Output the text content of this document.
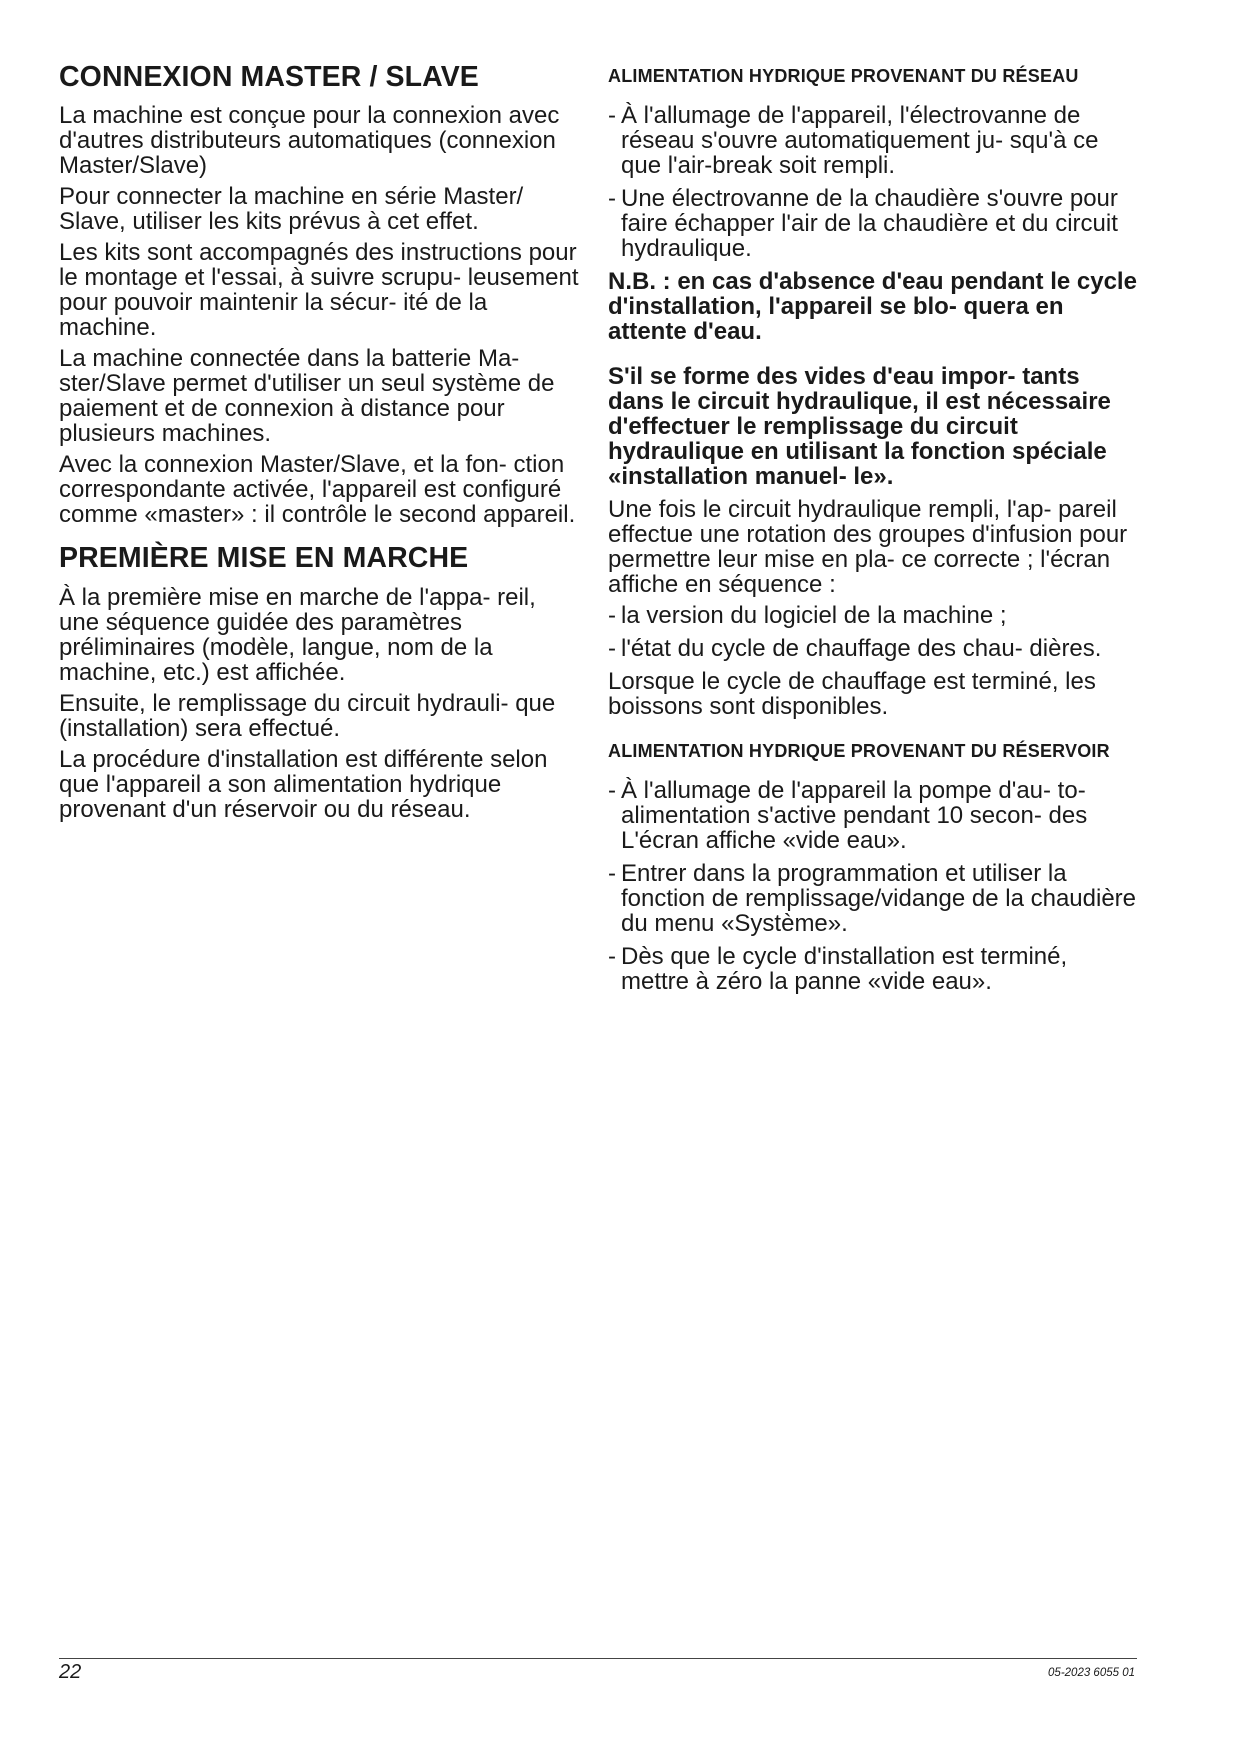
CONNEXION MASTER / SLAVE

La machine est conçue pour la connexion avec d'autres distributeurs automatiques (connexion Master/Slave)

Pour connecter la machine en série Master/ Slave, utiliser les kits prévus à cet effet.

Les kits sont accompagnés des instructions pour le montage et l'essai, à suivre scrupu- leusement pour pouvoir maintenir la sécur- ité de la machine.

La machine connectée dans la batterie Ma- ster/Slave permet d'utiliser un seul système de paiement et de connexion à distance pour plusieurs machines.

Avec la connexion Master/Slave, et la fon- ction correspondante activée, l'appareil est configuré comme «master» : il contrôle le second appareil.

PREMIÈRE MISE EN MARCHE

À la première mise en marche de l'appa- reil, une séquence guidée des paramètres préliminaires (modèle, langue, nom de la machine, etc.) est affichée.

Ensuite, le remplissage du circuit hydrauli- que (installation) sera effectué.

La procédure d'installation est différente selon que l'appareil a son alimentation hydrique provenant d'un réservoir ou du réseau.

ALIMENTATION HYDRIQUE PROVENANT DU RÉSEAU
- À l'allumage de l'appareil, l'électrovanne de réseau s'ouvre automatiquement ju- squ'à ce que l'air-break soit rempli.
- Une électrovanne de la chaudière s'ouvre pour faire échapper l'air de la chaudière et du circuit hydraulique.

N.B. : en cas d'absence d'eau pendant le cycle d'installation, l'appareil se blo- quera en attente d'eau.

S'il se forme des vides d'eau impor- tants dans le circuit hydraulique, il est nécessaire d'effectuer le remplissage du circuit hydraulique en utilisant la fonction spéciale «installation manuel- le».

Une fois le circuit hydraulique rempli, l'ap- pareil effectue une rotation des groupes d'infusion pour permettre leur mise en pla- ce correcte ; l'écran affiche en séquence :

- la version du logiciel de la machine ;
- l'état du cycle de chauffage des chau- dières.

Lorsque le cycle de chauffage est terminé, les boissons sont disponibles.

ALIMENTATION HYDRIQUE PROVENANT DU RÉSERVOIR
- À l'allumage de l'appareil la pompe d'au- to-alimentation s'active pendant 10 secon- des
L'écran affiche «vide eau».
- Entrer dans la programmation et utiliser la fonction de remplissage/vidange de la chaudière du menu «Système».
- Dès que le cycle d'installation est terminé, mettre à zéro la panne «vide eau».
22	05-2023 6055 01
